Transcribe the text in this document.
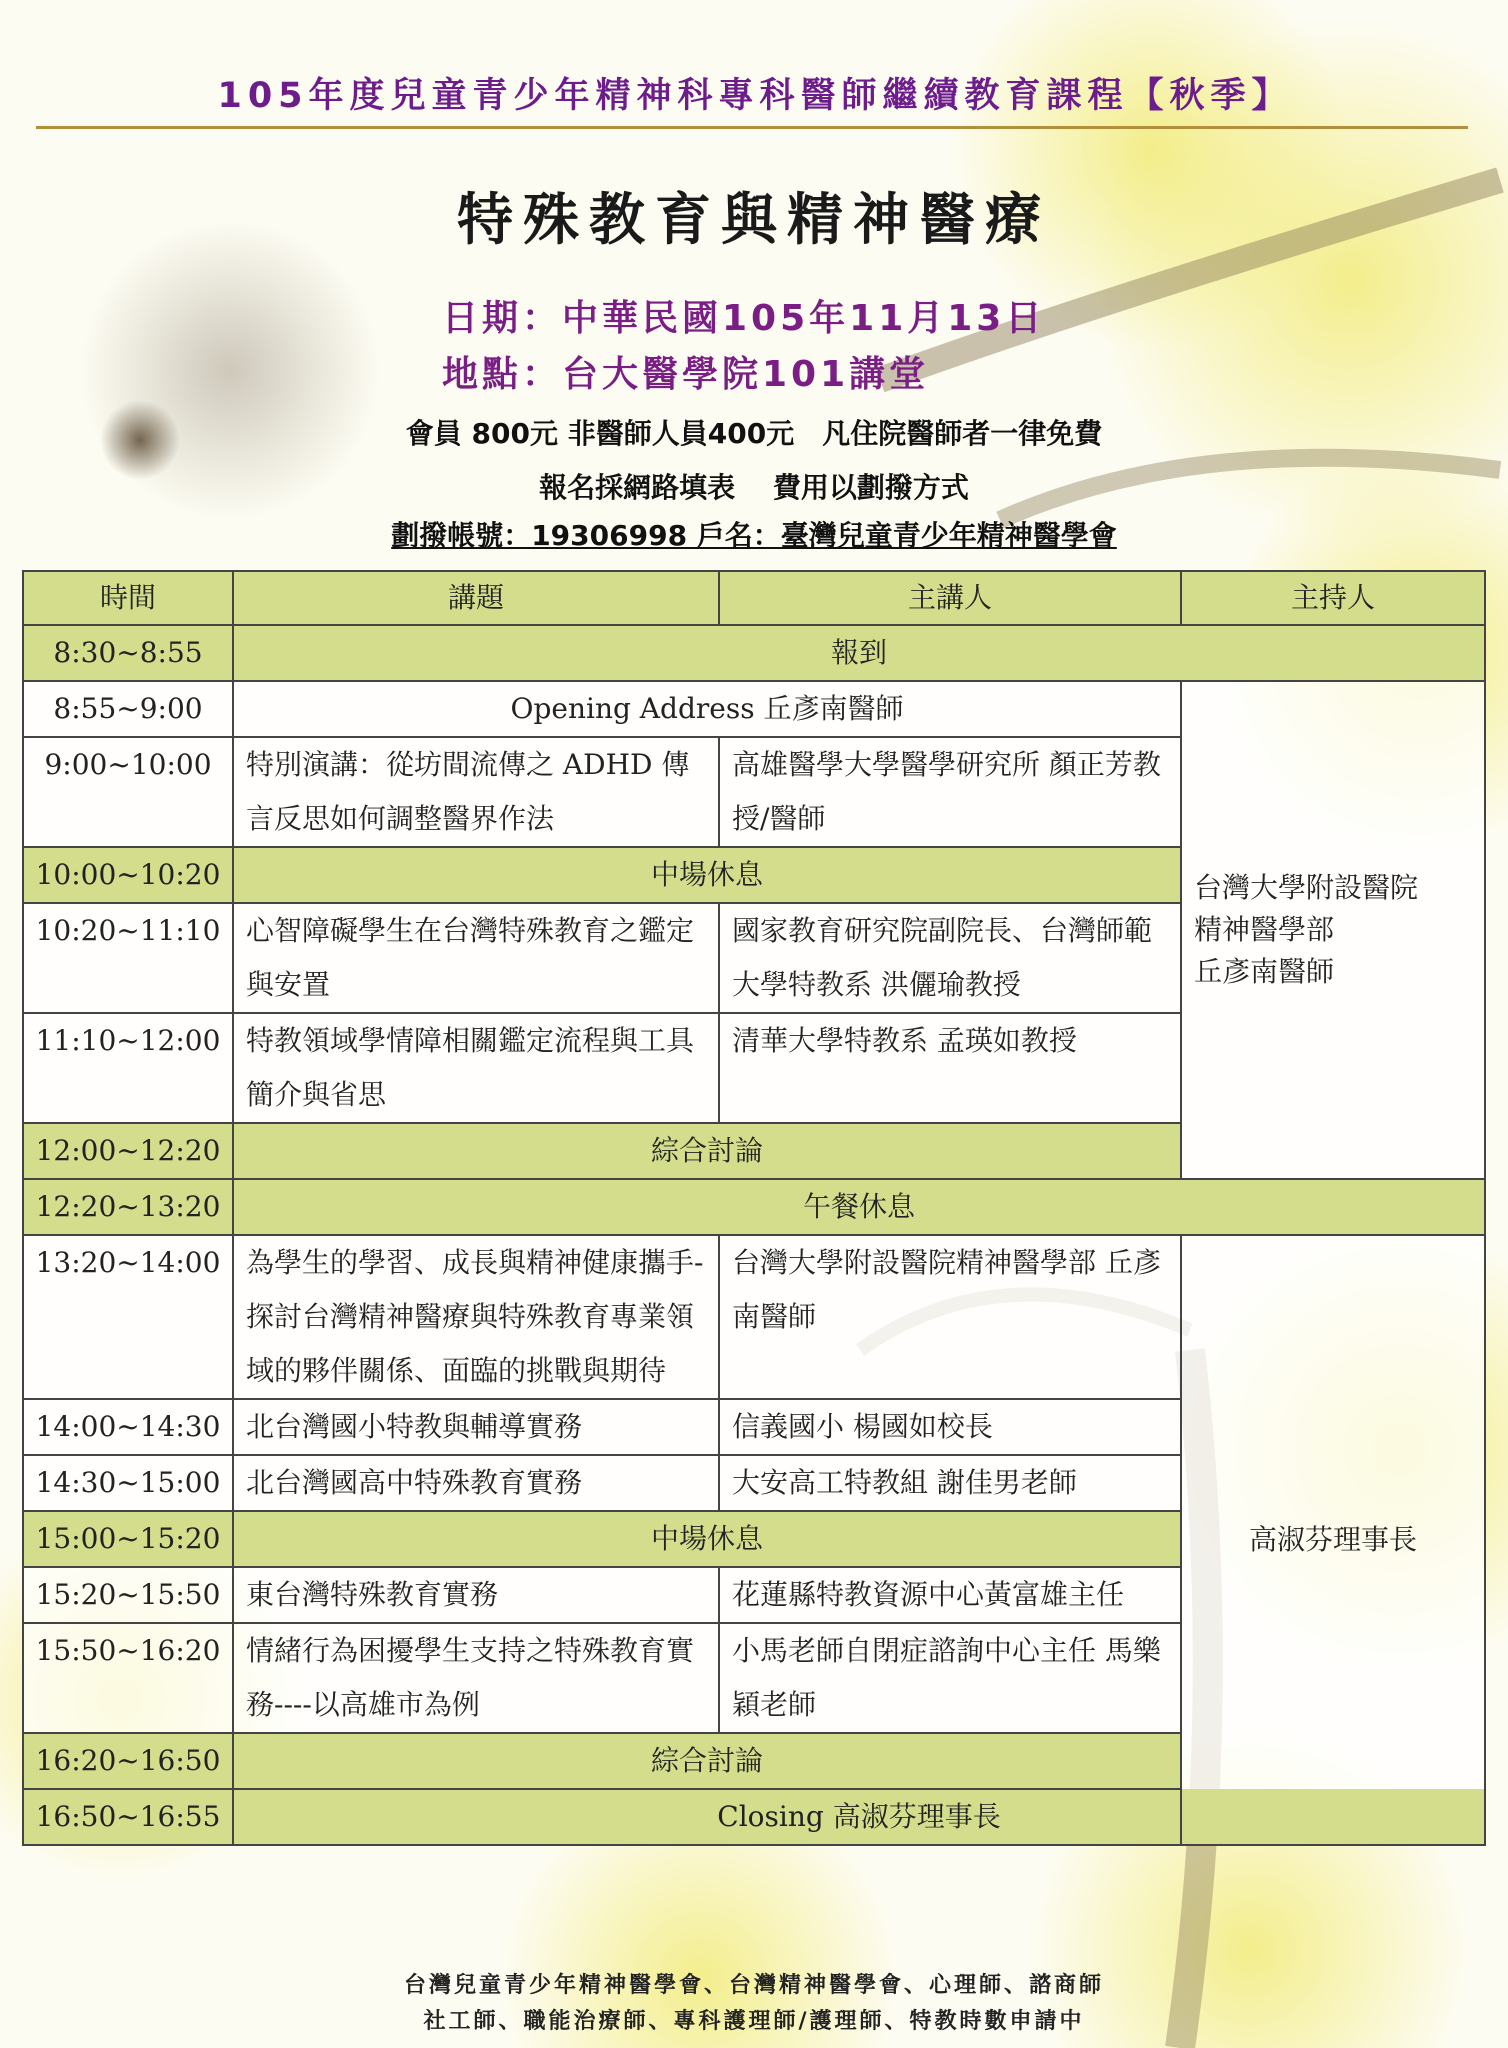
105年度兒童青少年精神科專科醫師繼續教育課程【秋季】
特殊教育與精神醫療
日期：中華民國105年11月13日
地點：台大醫學院101講堂
會員 800元 非醫師人員400元　凡住院醫師者一律免費
報名採網路填表　 費用以劃撥方式
劃撥帳號：19306998 戶名：臺灣兒童青少年精神醫學會
時間	講題	主講人	主持人
8:30~8:55	報到		
8:55~9:00	Opening Address 丘彥南醫師		台灣大學附設醫院
精神醫學部
丘彥南醫師

9:00~10:00	特別演講：從坊間流傳之 ADHD 傳言反思如何調整醫界作法	高雄醫學大學醫學研究所 顏正芳教授/醫師	
10:00~10:20	中場休息		
10:20~11:10	心智障礙學生在台灣特殊教育之鑑定與安置	國家教育研究院副院長、台灣師範大學特教系 洪儷瑜教授	
11:10~12:00	特教領域學情障相關鑑定流程與工具簡介與省思	清華大學特教系 孟瑛如教授	
12:00~12:20	綜合討論		
12:20~13:20	午餐休息		
13:20~14:00	為學生的學習、成長與精神健康攜手-探討台灣精神醫療與特殊教育專業領域的夥伴關係、面臨的挑戰與期待	台灣大學附設醫院精神醫學部 丘彥南醫師	高淑芬理事長
14:00~14:30	北台灣國小特教與輔導實務	信義國小 楊國如校長	
14:30~15:00	北台灣國高中特殊教育實務	大安高工特教組 謝佳男老師	
15:00~15:20	中場休息		
15:20~15:50	東台灣特殊教育實務	花蓮縣特教資源中心黃富雄主任	
15:50~16:20	情緒行為困擾學生支持之特殊教育實務----以高雄市為例	小馬老師自閉症諮詢中心主任 馬樂穎老師	
16:20~16:50	綜合討論		
16:50~16:55	Closing 高淑芬理事長		
台灣兒童青少年精神醫學會、台灣精神醫學會、心理師、諮商師
社工師、職能治療師、專科護理師/護理師、特教時數申請中
